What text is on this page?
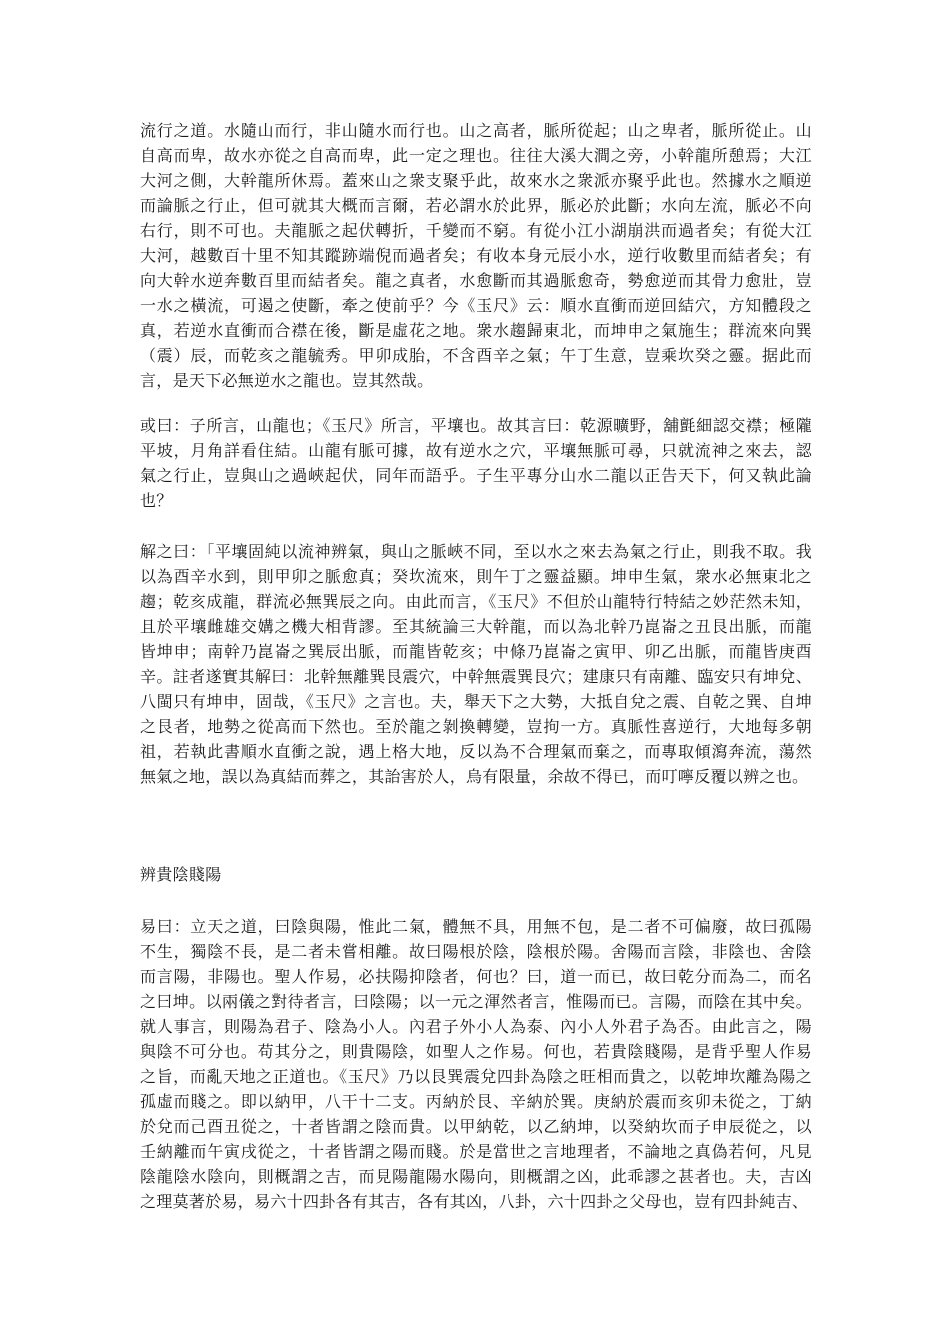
流行之道。水隨山而行，非山隨水而行也。山之高者，脈所從起；山之卑者，脈所從止。山
自高而卑，故水亦從之自高而卑，此一定之理也。往往大溪大澗之旁，小幹龍所憩焉；大江
大河之側，大幹龍所休焉。蓋來山之衆支聚乎此，故來水之衆派亦聚乎此也。然據水之順逆
而論脈之行止，但可就其大概而言爾，若必謂水於此界，脈必於此斷；水向左流，脈必不向
右行，則不可也。夫龍脈之起伏轉折，千變而不窮。有從小江小湖崩洪而過者矣；有從大江
大河，越數百十里不知其蹤跡端倪而過者矣；有收本身元辰小水，逆行收數里而結者矣；有
向大幹水逆奔數百里而結者矣。龍之真者，水愈斷而其過脈愈奇，勢愈逆而其骨力愈壯，豈
一水之橫流，可遏之使斷，牽之使前乎？今《玉尺》云：順水直衝而逆回結穴，方知體段之
真，若逆水直衝而合襟在後，斷是虛花之地。衆水趨歸東北，而坤申之氣施生；群流來向巽
（震）辰，而乾亥之龍毓秀。甲卯成胎，不含酉辛之氣；午丁生意，豈乘坎癸之靈。据此而
言，是天下必無逆水之龍也。豈其然哉。
或曰：子所言，山龍也；《玉尺》所言，平壤也。故其言曰：乾源曠野，舖氈細認交襟；極隴
平坡，月角詳看住結。山龍有脈可據，故有逆水之穴，平壤無脈可尋，只就流神之來去，認
氣之行止，豈與山之過峽起伏，同年而語乎。子生平專分山水二龍以正告天下，何又執此論
也？
解之曰：「平壤固純以流神辨氣，與山之脈峽不同，至以水之來去為氣之行止，則我不取。我
以為酉辛水到，則甲卯之脈愈真；癸坎流來，則午丁之靈益顯。坤申生氣，衆水必無東北之
趨；乾亥成龍，群流必無巽辰之向。由此而言，《玉尺》不但於山龍特行特結之妙茫然未知，
且於平壤雌雄交媾之機大相背謬。至其統論三大幹龍，而以為北幹乃崑崙之丑艮出脈，而龍
皆坤申；南幹乃崑崙之巽辰出脈，而龍皆乾亥；中條乃崑崙之寅甲、卯乙出脈，而龍皆庚酉
辛。註者遂實其解曰：北幹無離巽艮震穴，中幹無震巽艮穴；建康只有南離、臨安只有坤兌、
八閩只有坤申，固哉，《玉尺》之言也。夫，舉天下之大勢，大抵自兌之震、自乾之巽、自坤
之艮者，地勢之從高而下然也。至於龍之剝換轉變，豈拘一方。真脈性喜逆行，大地每多朝
祖，若執此書順水直衝之說，遇上格大地，反以為不合理氣而棄之，而專取傾瀉奔流，蕩然
無氣之地，誤以為真結而葬之，其詒害於人，烏有限量，余故不得已，而叮嚀反覆以辨之也。
辨貴陰賤陽
易曰：立天之道，曰陰與陽，惟此二氣，體無不具，用無不包，是二者不可偏廢，故曰孤陽
不生，獨陰不長，是二者未嘗相離。故曰陽根於陰，陰根於陽。舍陽而言陰，非陰也、舍陰
而言陽，非陽也。聖人作易，必扶陽抑陰者，何也？曰，道一而已，故曰乾分而為二，而名
之曰坤。以兩儀之對待者言，曰陰陽；以一元之渾然者言，惟陽而已。言陽，而陰在其中矣。
就人事言，則陽為君子、陰為小人。內君子外小人為泰、內小人外君子為否。由此言之，陽
與陰不可分也。苟其分之，則貴陽陰，如聖人之作易。何也，若貴陰賤陽，是背乎聖人作易
之旨，而亂天地之正道也。《玉尺》乃以艮巽震兌四卦為陰之旺相而貴之，以乾坤坎離為陽之
孤虛而賤之。即以納甲，八干十二支。丙納於艮、辛納於巽。庚納於震而亥卯未從之，丁納
於兌而己酉丑從之，十者皆謂之陰而貴。以甲納乾，以乙納坤，以癸納坎而子申辰從之，以
壬納離而午寅戌從之，十者皆謂之陽而賤。於是當世之言地理者，不論地之真偽若何，凡見
陰龍陰水陰向，則概謂之吉，而見陽龍陽水陽向，則概謂之凶，此乖謬之甚者也。夫，吉凶
之理莫著於易，易六十四卦各有其吉，各有其凶，八卦，六十四卦之父母也，豈有四卦純吉、
